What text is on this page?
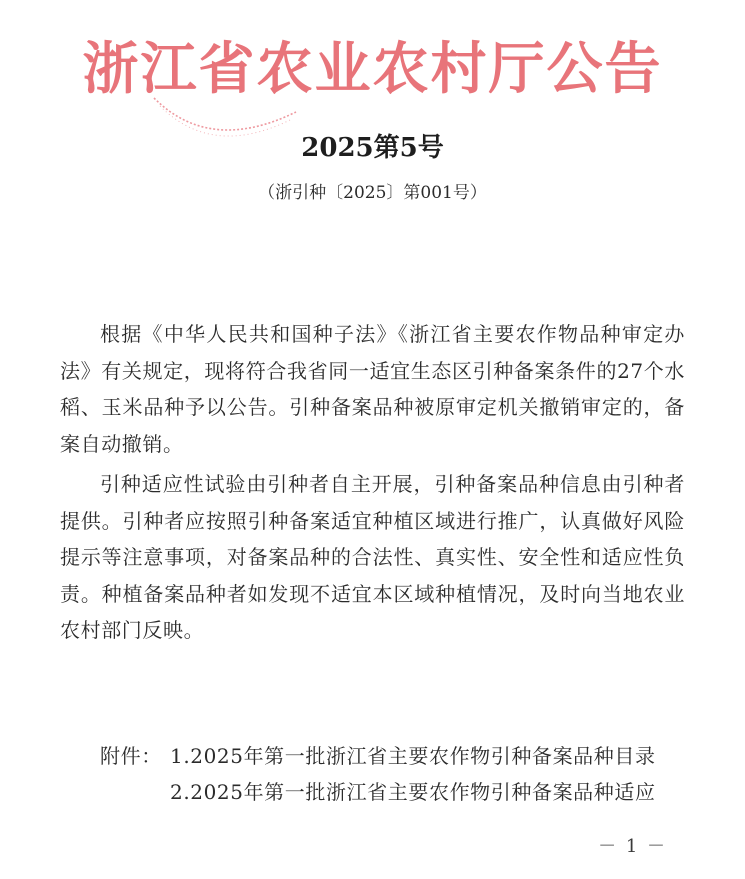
浙江省农业农村厅公告
2025第5号
（浙引种〔2025〕第001号）

根据《中华人民共和国种子法》《浙江省主要农作物品种审定办法》有关规定，现将符合我省同一适宜生态区引种备案条件的27个水稻、玉米品种予以公告。引种备案品种被原审定机关撤销审定的，备案自动撤销。

引种适应性试验由引种者自主开展，引种备案品种信息由引种者提供。引种者应按照引种备案适宜种植区域进行推广，认真做好风险提示等注意事项，对备案品种的合法性、真实性、安全性和适应性负责。种植备案品种者如发现不适宜本区域种植情况，及时向当地农业农村部门反映。

附件： 1.2025年第一批浙江省主要农作物引种备案品种目录
2.2025年第一批浙江省主要农作物引种备案品种适应
－ 1 －
